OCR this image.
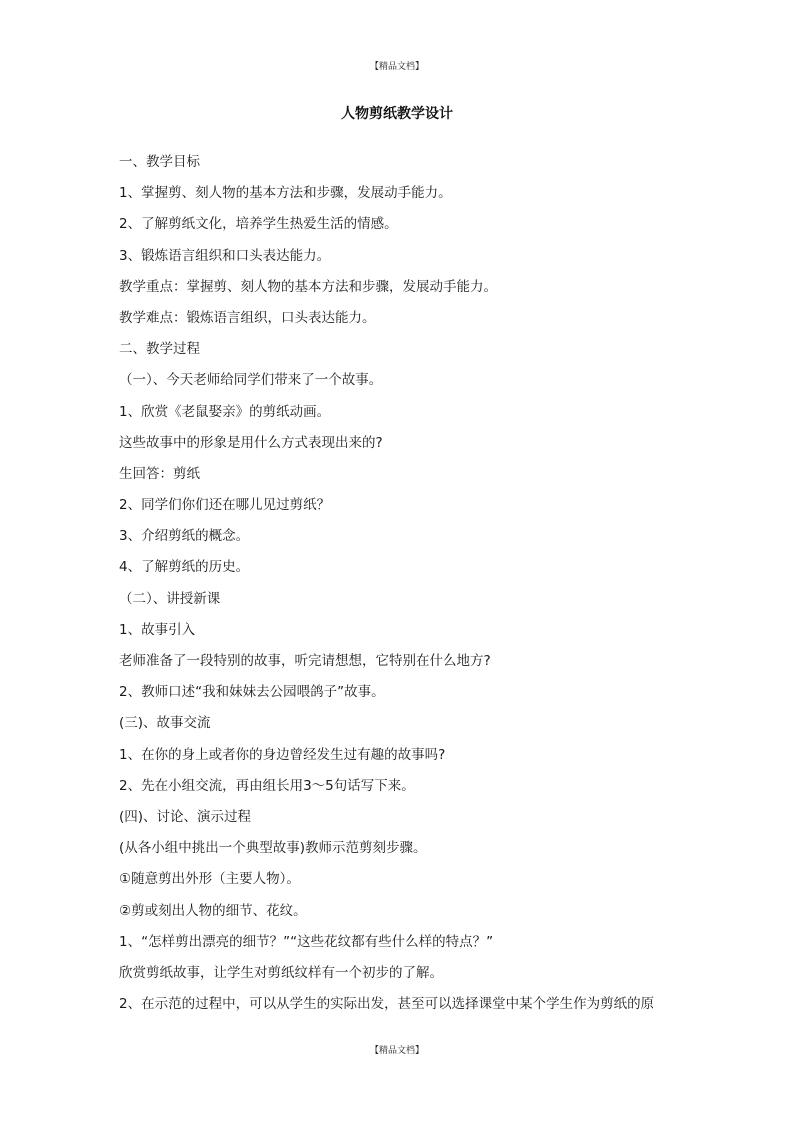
【精品文档】
人物剪纸教学设计
一、教学目标
1、掌握剪、刻人物的基本方法和步骤，发展动手能力。
2、了解剪纸文化，培养学生热爱生活的情感。
3、锻炼语言组织和口头表达能力。
教学重点：掌握剪、刻人物的基本方法和步骤，发展动手能力。
教学难点：锻炼语言组织，口头表达能力。
二、教学过程
（一）、今天老师给同学们带来了一个故事。
1、欣赏《老鼠娶亲》的剪纸动画。
这些故事中的形象是用什么方式表现出来的?
生回答：剪纸
2、同学们你们还在哪儿见过剪纸？
3、介绍剪纸的概念。
4、了解剪纸的历史。
（二）、讲授新课
1、故事引入
老师准备了一段特别的故事，听完请想想，它特别在什么地方?
2、教师口述“我和妹妹去公园喂鸽子”故事。
(三)、故事交流
1、在你的身上或者你的身边曾经发生过有趣的故事吗?
2、先在小组交流，再由组长用3～5句话写下来。
(四)、讨论、演示过程
(从各小组中挑出一个典型故事)教师示范剪刻步骤。
①随意剪出外形（主要人物）。
②剪或刻出人物的细节、花纹。
1、“怎样剪出漂亮的细节？”“这些花纹都有些什么样的特点？”
欣赏剪纸故事，让学生对剪纸纹样有一个初步的了解。
2、在示范的过程中，可以从学生的实际出发，甚至可以选择课堂中某个学生作为剪纸的原
【精品文档】
